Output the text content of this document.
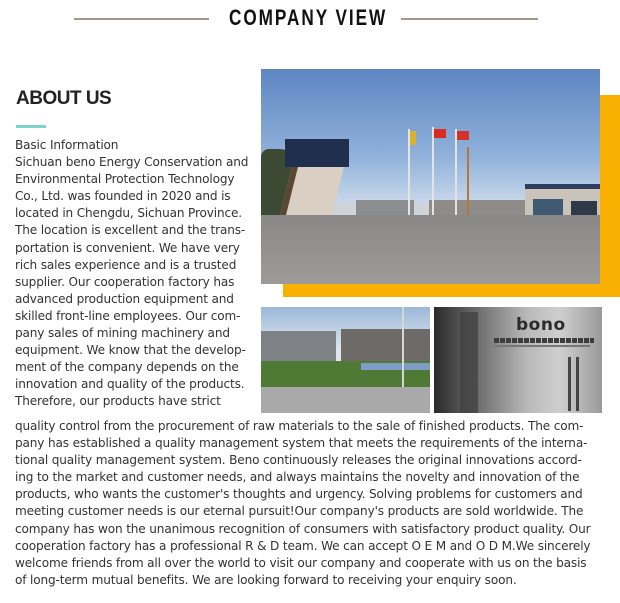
COMPANY VIEW
ABOUT US
Basic Information
Sichuan beno Energy Conservation and
Environmental Protection Technology
Co., Ltd. was founded in 2020 and is
located in Chengdu, Sichuan Province.
The location is excellent and the trans-
portation is convenient. We have very
rich sales experience and is a trusted
supplier. Our cooperation factory has
advanced production equipment and
skilled front-line employees. Our com-
pany sales of mining machinery and
equipment. We know that the develop-
ment of the company depends on the
innovation and quality of the products.
Therefore, our products have strict
bono
quality control from the procurement of raw materials to the sale of finished products. The com-
pany has established a quality management system that meets the requirements of the interna-
tional quality management system. Beno continuously releases the original innovations accord-
ing to the market and customer needs, and always maintains the novelty and innovation of the
products, who wants the customer's thoughts and urgency. Solving problems for customers and
meeting customer needs is our eternal pursuit!Our company's products are sold worldwide. The
company has won the unanimous recognition of consumers with satisfactory product quality. Our
cooperation factory has a professional R & D team. We can accept O E M and O D M.We sincerely
welcome friends from all over the world to visit our company and cooperate with us on the basis
of long-term mutual benefits. We are looking forward to receiving your enquiry soon.
